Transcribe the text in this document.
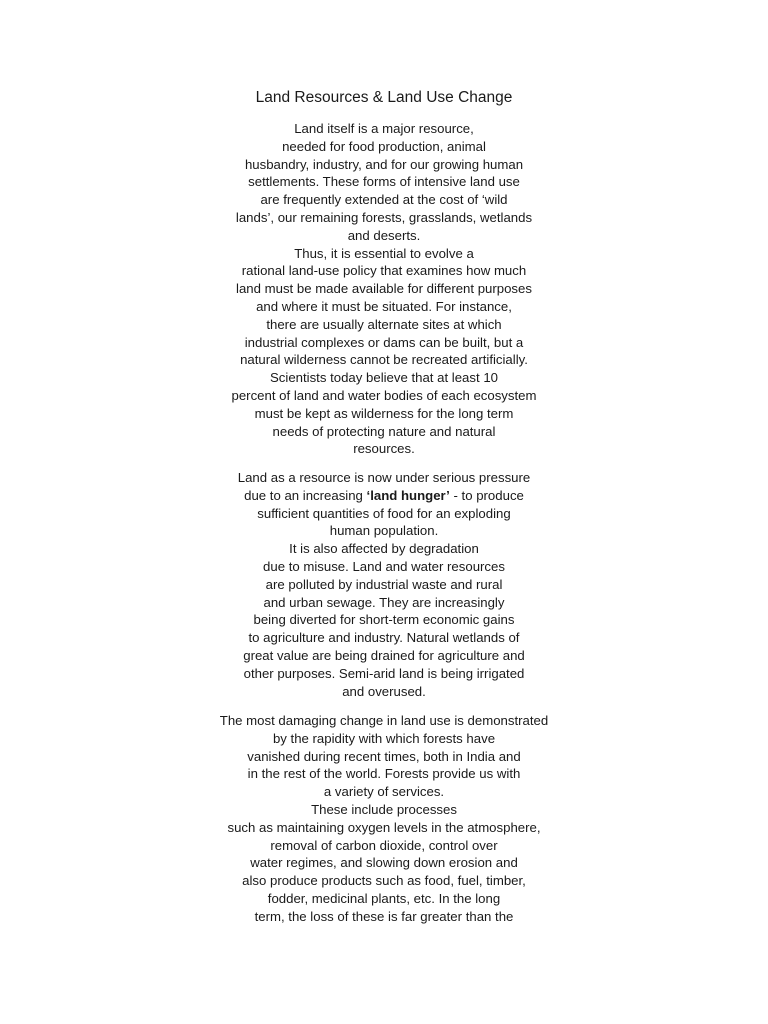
Land Resources & Land Use Change

Land itself is a major resource,
needed for food production, animal
husbandry, industry, and for our growing human
settlements. These forms of intensive land use
are frequently extended at the cost of ‘wild
lands’, our remaining forests, grasslands, wetlands
and deserts.
Thus, it is essential to evolve a
rational land-use policy that examines how much
land must be made available for different purposes
and where it must be situated. For instance,
there are usually alternate sites at which
industrial complexes or dams can be built, but a
natural wilderness cannot be recreated artificially.
Scientists today believe that at least 10
percent of land and water bodies of each ecosystem
must be kept as wilderness for the long term
needs of protecting nature and natural
resources.

Land as a resource is now under serious pressure
due to an increasing ‘land hunger’ - to produce
sufficient quantities of food for an exploding
human population.
It is also affected by degradation
due to misuse. Land and water resources
are polluted by industrial waste and rural
and urban sewage. They are increasingly
being diverted for short-term economic gains
to agriculture and industry. Natural wetlands of
great value are being drained for agriculture and
other purposes. Semi-arid land is being irrigated
and overused.

The most damaging change in land use is demonstrated
by the rapidity with which forests have
vanished during recent times, both in India and
in the rest of the world. Forests provide us with
a variety of services.
These include processes
such as maintaining oxygen levels in the atmosphere,
removal of carbon dioxide, control over
water regimes, and slowing down erosion and
also produce products such as food, fuel, timber,
fodder, medicinal plants, etc. In the long
term, the loss of these is far greater than the
